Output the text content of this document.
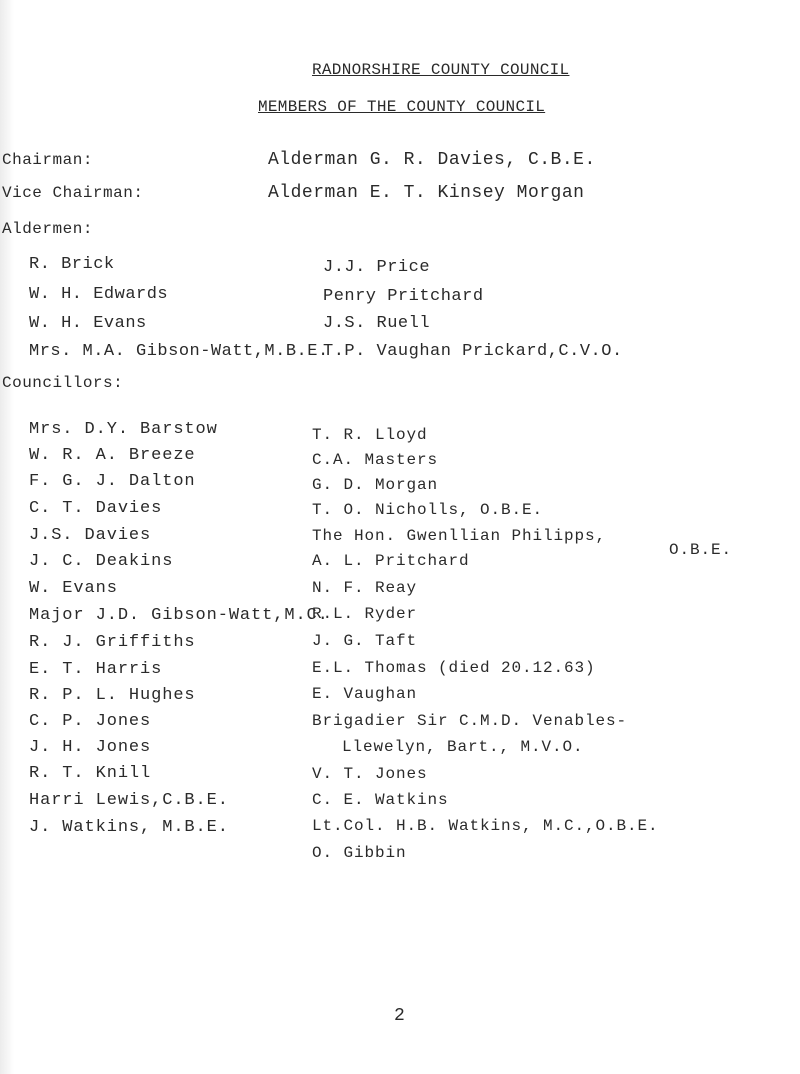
RADNORSHIRE COUNTY COUNCIL
MEMBERS OF THE COUNTY COUNCIL
Chairman:	Alderman G. R. Davies, C.B.E.
Vice Chairman:	Alderman E. T. Kinsey Morgan
Aldermen:
R. Brick
W. H. Edwards
W. H. Evans
Mrs. M.A. Gibson-Watt,M.B.E.
J.J. Price
Penry Pritchard
J.S. Ruell
T.P. Vaughan Prickard,C.V.O.
Councillors:
Mrs. D.Y. Barstow
W. R. A. Breeze
F. G. J. Dalton
C. T. Davies
J.S. Davies
J. C. Deakins
W. Evans
Major J.D. Gibson-Watt,M.C.
R. J. Griffiths
E. T. Harris
R. P. L. Hughes
C. P. Jones
J. H. Jones
R. T. Knill
Harri Lewis,C.B.E.
J. Watkins, M.B.E.
T. R. Lloyd
C.A. Masters
G. D. Morgan
T. O. Nicholls, O.B.E.
The Hon. Gwenllian Philipps,
O.B.E.
A. L. Pritchard
N. F. Reay
R.L. Ryder
J. G. Taft
E.L. Thomas (died 20.12.63)
E. Vaughan
Brigadier Sir C.M.D. Venables-
Llewelyn, Bart., M.V.O.
V. T. Jones
C. E. Watkins
Lt.Col. H.B. Watkins, M.C.,O.B.E.
O. Gibbin
2
